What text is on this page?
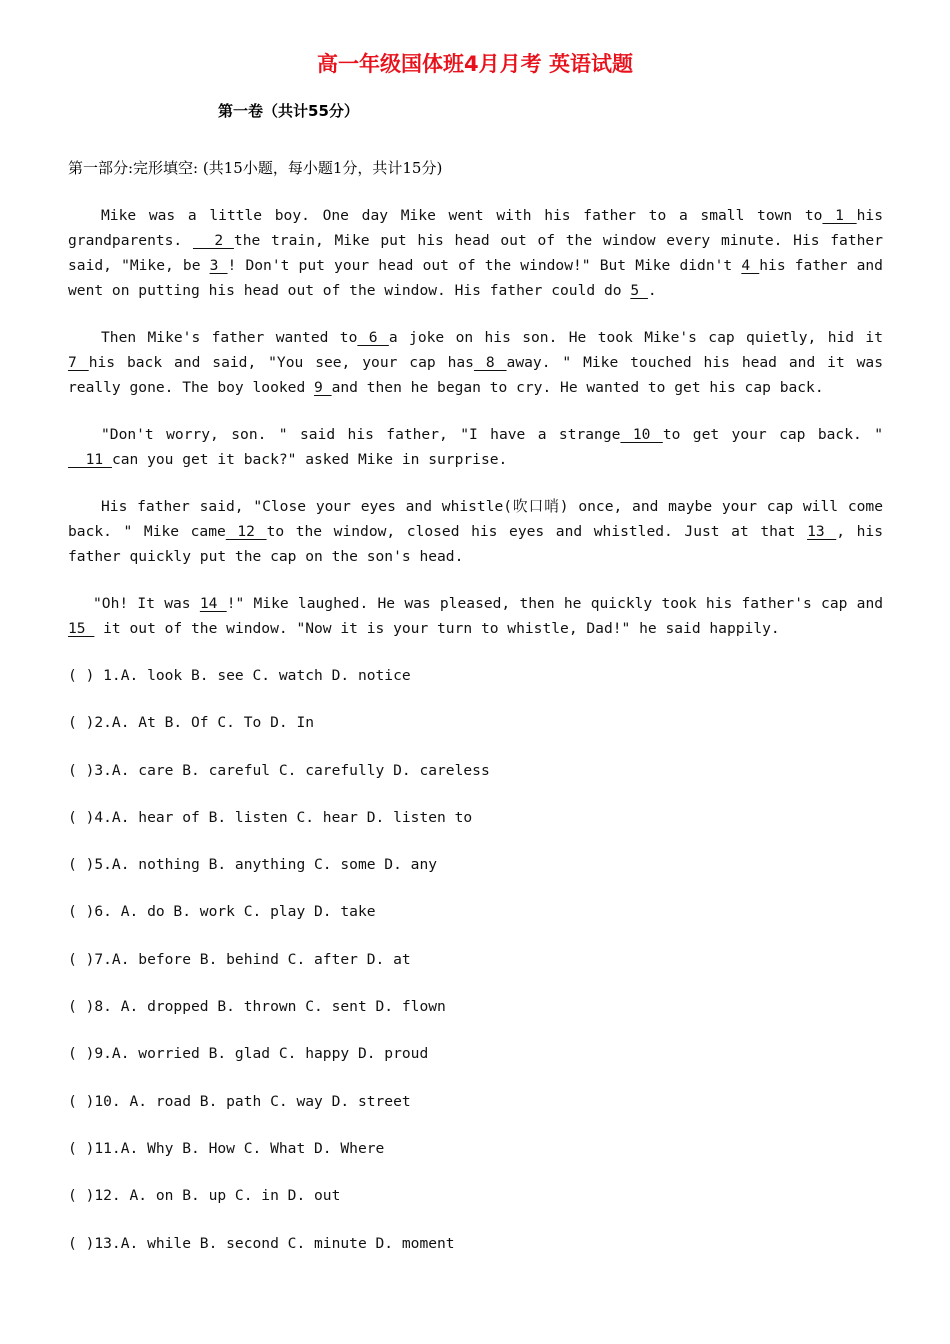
高一年级国体班4月月考 英语试题
第一卷（共计55分）
第一部分:完形填空: (共15小题，每小题1分，共计15分)
Mike was a little boy. One day Mike went with his father to a small town to 1 his grandparents.   2 the train, Mike put his head out of the window every minute. His father said, "Mike, be 3 ! Don't put your head out of the window!" But Mike didn't 4 his father and went on putting his head out of the window. His father could do 5 .
Then Mike's father wanted to 6 a joke on his son. He took Mike's cap quietly, hid it 7 his back and said, "You see, your cap has 8 away. " Mike touched his head and it was really gone. The boy looked 9 and then he began to cry. He wanted to get his cap back.
"Don't worry, son. " said his father, "I have a strange 10 to get your cap back. "   11 can you get it back?" asked Mike in surprise.
His father said, "Close your eyes and whistle(吹口哨) once, and maybe your cap will come back. " Mike came 12 to the window, closed his eyes and whistled. Just at that 13 , his father quickly put the cap on the son's head.
"Oh! It was 14 !" Mike laughed. He was pleased, then he quickly took his father's cap and 15  it out of the window. "Now it is your turn to whistle, Dad!" he said happily.
( ) 1.A. look B. see C. watch D. notice
( )2.A. At B. Of C. To D. In
( )3.A. care B. careful C. carefully D. careless
( )4.A. hear of B. listen C. hear D. listen to
( )5.A. nothing B. anything C. some D. any
( )6. A. do B. work C. play D. take
( )7.A. before B. behind C. after D. at
( )8. A. dropped B. thrown C. sent D. flown
( )9.A. worried B. glad C. happy D. proud
( )10. A. road B. path C. way D. street
( )11.A. Why B. How C. What D. Where
( )12. A. on B. up C. in D. out
( )13.A. while B. second C. minute D. moment
